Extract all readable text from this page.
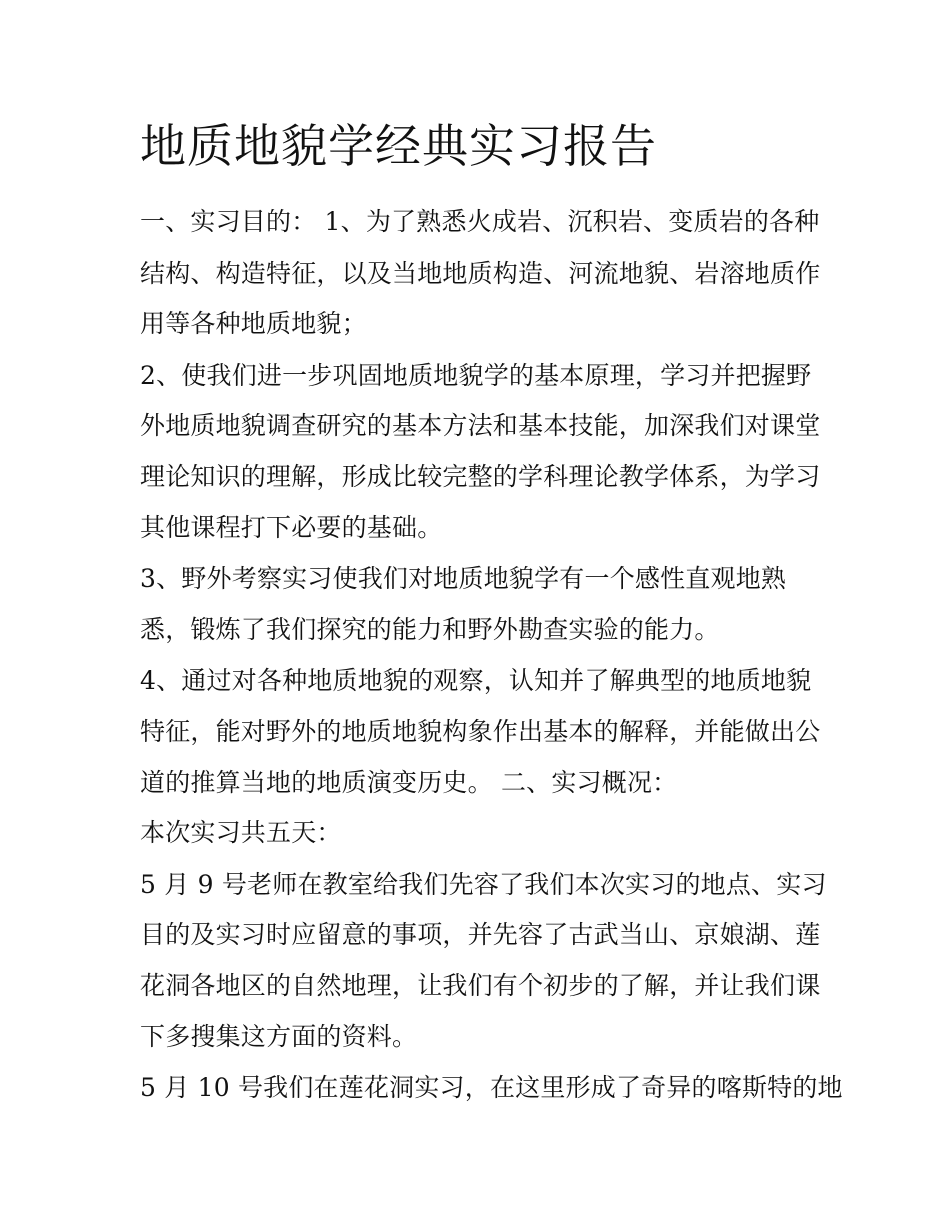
地质地貌学经典实习报告

一、实习目的： 1、为了熟悉火成岩、沉积岩、变质岩的各种

结构、构造特征，以及当地地质构造、河流地貌、岩溶地质作

用等各种地质地貌；

2、使我们进一步巩固地质地貌学的基本原理，学习并把握野

外地质地貌调查研究的基本方法和基本技能，加深我们对课堂

理论知识的理解，形成比较完整的学科理论教学体系，为学习

其他课程打下必要的基础。

3、野外考察实习使我们对地质地貌学有一个感性直观地熟

悉，锻炼了我们探究的能力和野外勘查实验的能力。

4、通过对各种地质地貌的观察，认知并了解典型的地质地貌

特征，能对野外的地质地貌构象作出基本的解释，并能做出公

道的推算当地的地质演变历史。 二、实习概况：

本次实习共五天：

5 月 9 号老师在教室给我们先容了我们本次实习的地点、实习

目的及实习时应留意的事项，并先容了古武当山、京娘湖、莲

花洞各地区的自然地理，让我们有个初步的了解，并让我们课

下多搜集这方面的资料。

5 月 10 号我们在莲花洞实习，在这里形成了奇异的喀斯特的地
